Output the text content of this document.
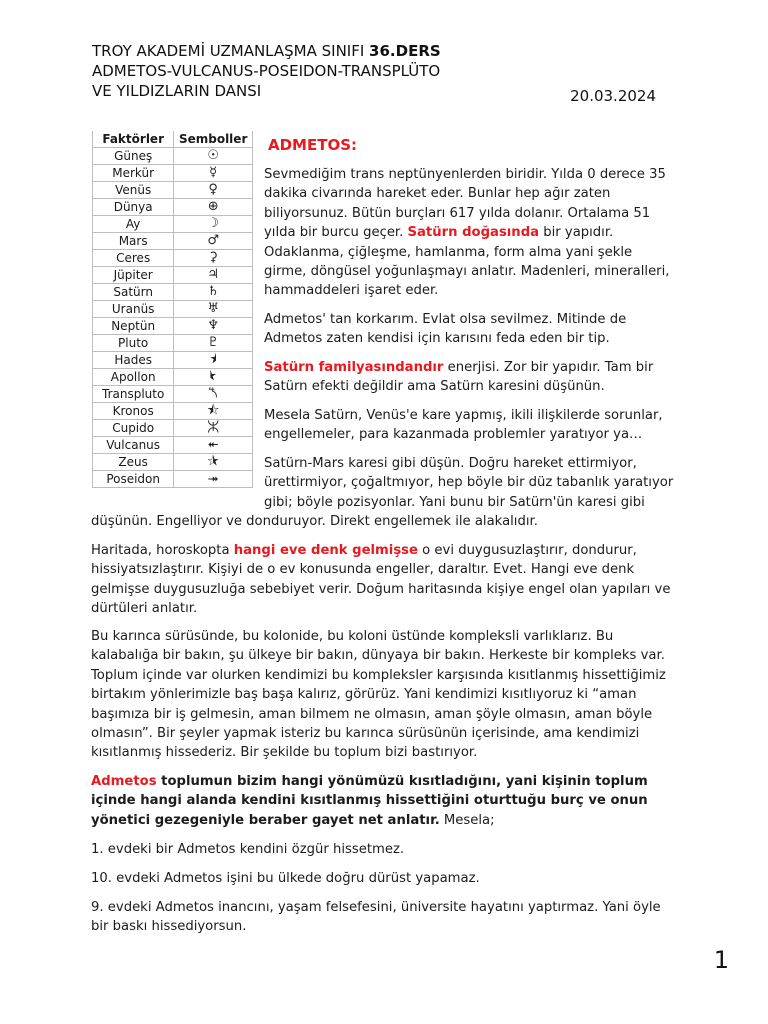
TROY AKADEMİ UZMANLAŞMA SINIFI 36.DERS
ADMETOS-VULCANUS-POSEIDON-TRANSPLÜTO
VE YILDIZLARIN DANSI	20.03.2024
Faktörler	Semboller
Güneş	☉
Merkür	☿
Venüs	♀
Dünya	⊕
Ay	☽
Mars	♂
Ceres	⚳
Jüpiter	♃
Satürn	♄
Uranüs	♅
Neptün	♆
Pluto	♇
Hades	⯨
Apollon	⯩
Transpluto	⯲
Kronos	⯪
Cupido	⯧
Vulcanus	⯬
Zeus	⯫
Poseidon	⯮
ADMETOS:
Sevmediğim trans neptünyenlerden biridir. Yılda 0 derece 35 dakika civarında hareket eder. Bunlar hep ağır zaten biliyorsunuz. Bütün burçları 617 yılda dolanır. Ortalama 51 yılda bir burcu geçer. Satürn doğasında bir yapıdır. Odaklanma, çiğleşme, hamlanma, form alma yani şekle girme, döngüsel yoğunlaşmayı anlatır. Madenleri, mineralleri, hammaddeleri işaret eder.
Admetos' tan korkarım. Evlat olsa sevilmez. Mitinde de Admetos zaten kendisi için karısını feda eden bir tip.
Satürn familyasındandır enerjisi. Zor bir yapıdır. Tam bir Satürn efekti değildir ama Satürn karesini düşünün.
Mesela Satürn, Venüs'e kare yapmış, ikili ilişkilerde sorunlar, engellemeler, para kazanmada problemler yaratıyor ya…
Satürn-Mars karesi gibi düşün. Doğru hareket ettirmiyor, ürettirmiyor, çoğaltmıyor, hep böyle bir düz tabanlık yaratıyor gibi; böyle pozisyonlar. Yani bunu bir Satürn'ün karesi gibi
düşünün. Engelliyor ve donduruyor. Direkt engellemek ile alakalıdır.
Haritada, horoskopta hangi eve denk gelmişse o evi duygusuzlaştırır, dondurur, hissiyatsızlaştırır. Kişiyi de o ev konusunda engeller, daraltır. Evet. Hangi eve denk gelmişse duygusuzluğa sebebiyet verir. Doğum haritasında kişiye engel olan yapıları ve dürtüleri anlatır.
Bu karınca sürüsünde, bu kolonide, bu koloni üstünde kompleksli varlıklarız. Bu kalabalığa bir bakın, şu ülkeye bir bakın, dünyaya bir bakın. Herkeste bir kompleks var. Toplum içinde var olurken kendimizi bu kompleksler karşısında kısıtlanmış hissettiğimiz birtakım yönlerimizle baş başa kalırız, görürüz. Yani kendimizi kısıtlıyoruz ki “aman başımıza bir iş gelmesin, aman bilmem ne olmasın, aman şöyle olmasın, aman böyle olmasın”. Bir şeyler yapmak isteriz bu karınca sürüsünün içerisinde, ama kendimizi kısıtlanmış hissederiz. Bir şekilde bu toplum bizi bastırıyor.
Admetos toplumun bizim hangi yönümüzü kısıtladığını, yani kişinin toplum içinde hangi alanda kendini kısıtlanmış hissettiğini oturttuğu burç ve onun yönetici gezegeniyle beraber gayet net anlatır. Mesela;
1. evdeki bir Admetos kendini özgür hissetmez.
10. evdeki Admetos işini bu ülkede doğru dürüst yapamaz.
9. evdeki Admetos inancını, yaşam felsefesini, üniversite hayatını yaptırmaz. Yani öyle bir baskı hissediyorsun.
1
